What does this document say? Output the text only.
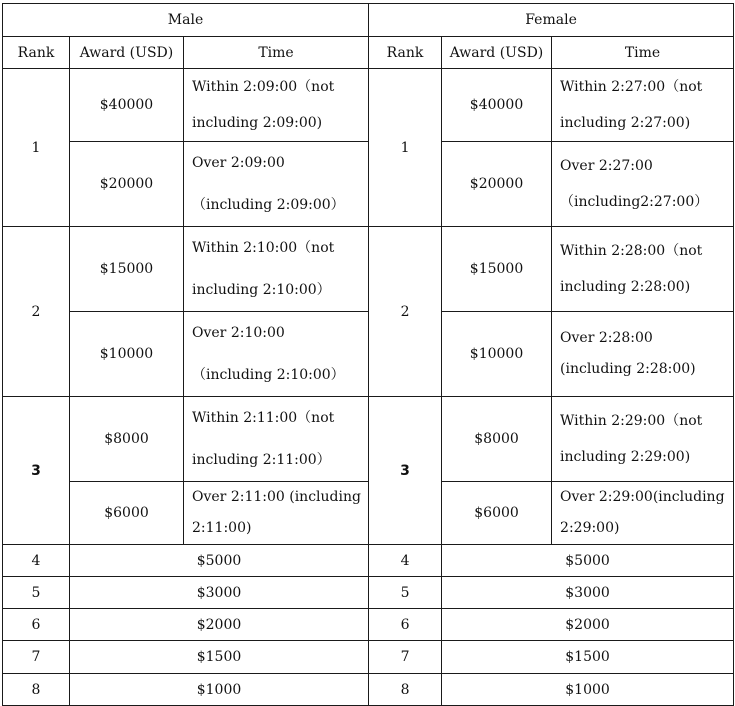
Male			Female		
Rank	Award (USD)	Time	Rank	Award (USD)	Time
1	$40000	Within 2:09:00（not including 2:09:00)	1	$40000	Within 2:27:00（not including 2:27:00)
	$20000	Over 2:09:00（including 2:09:00）		$20000	Over 2:27:00 （including2:27:00）
2	$15000	Within 2:10:00（not including 2:10:00）	2	$15000	Within 2:28:00（not including 2:28:00)
	$10000	Over 2:10:00（including 2:10:00）		$10000	Over 2:28:00 (including 2:28:00)
3	$8000	Within 2:11:00（not including 2:11:00）	3	$8000	Within 2:29:00（not including 2:29:00)
	$6000	Over 2:11:00 (including 2:11:00)		$6000	Over 2:29:00(including 2:29:00)
4	$5000		4	$5000	
5	$3000		5	$3000	
6	$2000		6	$2000	
7	$1500		7	$1500	
8	$1000		8	$1000	
